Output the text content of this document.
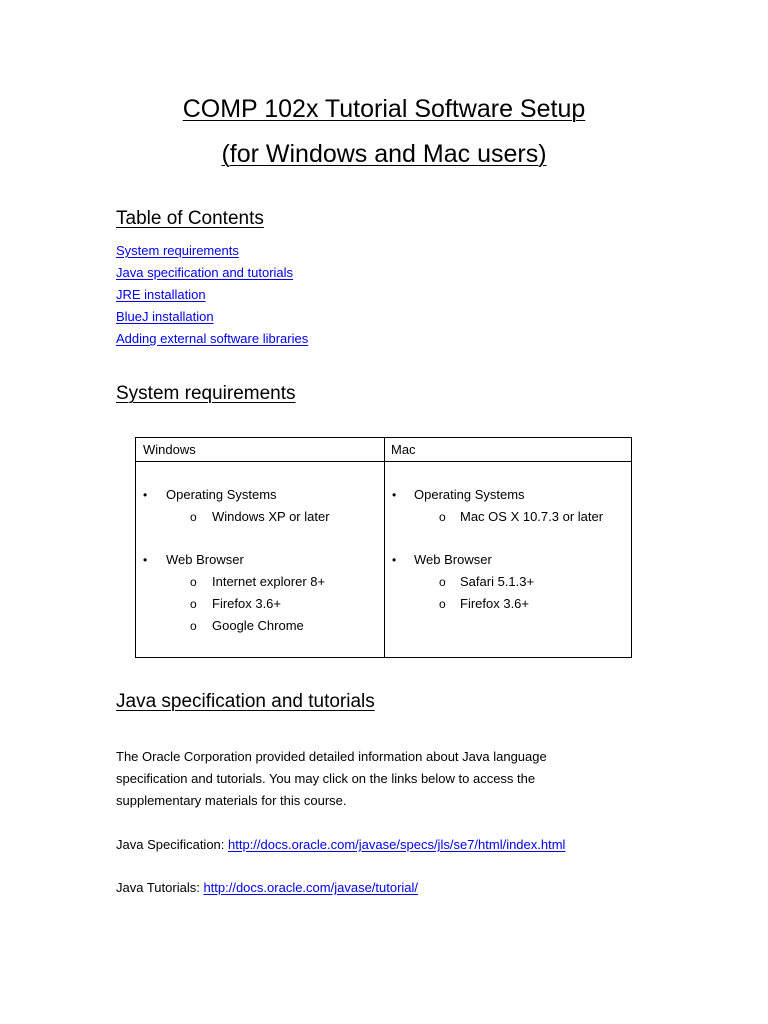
COMP 102x Tutorial Software Setup
(for Windows and Mac users)
Table of Contents
System requirements
Java specification and tutorials
JRE installation
BlueJ installation
Adding external software libraries
System requirements
Windows	Mac
• Operating Systems
o Windows XP or later
• Web Browser
o Internet explorer 8+
o Firefox 3.6+
o Google Chrome
• Operating Systems
o Mac OS X 10.7.3 or later
• Web Browser
o Safari 5.1.3+
o Firefox 3.6+
Java specification and tutorials
The Oracle Corporation provided detailed information about Java language
specification and tutorials. You may click on the links below to access the
supplementary materials for this course.
Java Specification: http://docs.oracle.com/javase/specs/jls/se7/html/index.html
Java Tutorials: http://docs.oracle.com/javase/tutorial/
